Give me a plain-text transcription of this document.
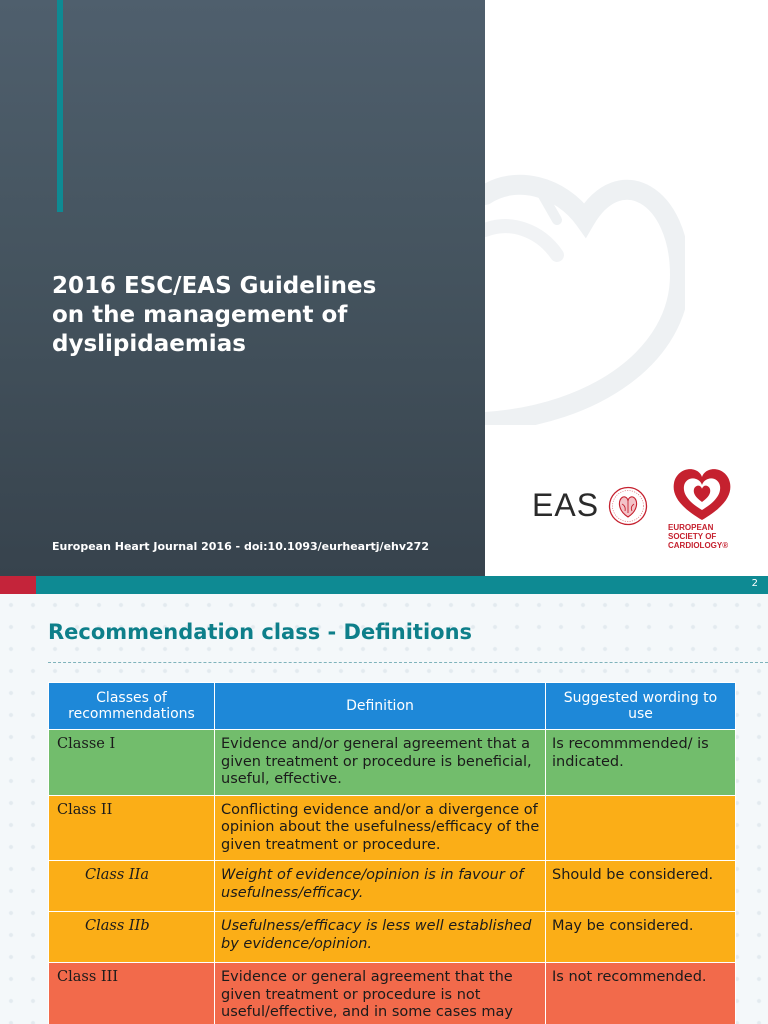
2016 ESC/EAS Guidelines
on the management of
dyslipidaemias
European Heart Journal 2016 - doi:10.1093/eurheartj/ehv272
EAS
EUROPEAN
SOCIETY OF
CARDIOLOGY®
2
Recommendation class - Definitions
Classes of recommendations	Definition	Suggested wording to use
Classe I	Evidence and/or general agreement that a given treatment or procedure is beneficial, useful, effective.	Is recommmended/ is indicated.
Class II	Conflicting evidence and/or a divergence of opinion about the usefulness/efficacy of the given treatment or procedure.	
Class IIa	Weight of evidence/opinion is in favour of usefulness/efficacy.	Should be considered.
Class IIb	Usefulness/efficacy is less well established by evidence/opinion.	May be considered.
Class III	Evidence or general agreement that the given treatment or procedure is not useful/effective, and in some cases may	Is not recommended.
